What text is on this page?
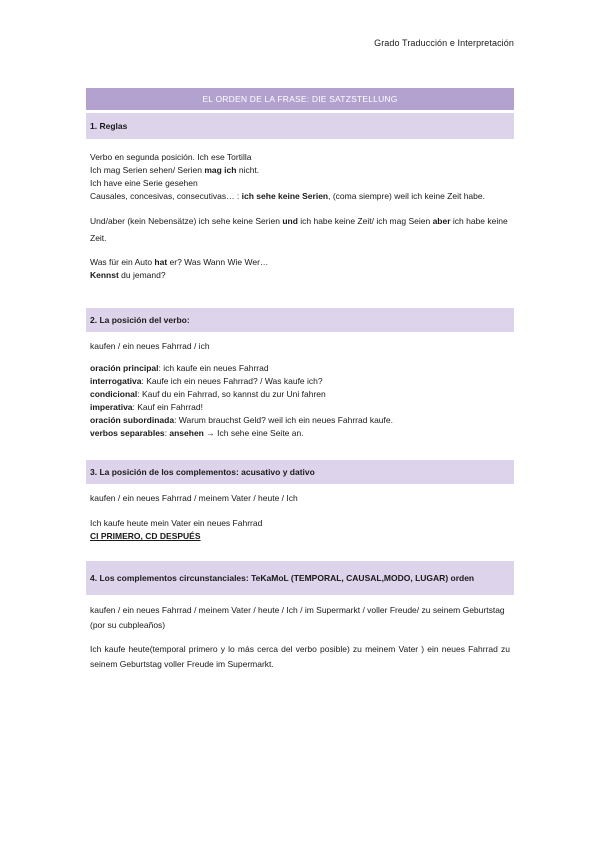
Grado Traducción e Interpretación
EL ORDEN DE LA FRASE: DIE SATZSTELLUNG
1. Reglas

Verbo en segunda posición. Ich ese Tortilla

Ich mag Serien sehen/ Serien mag ich nicht.

Ich have eine Serie gesehen

Causales, concesivas, consecutivas… : ich sehe keine Serien, (coma siempre) weil ich keine Zeit habe.

Und/aber (kein Nebensätze) ich sehe keine Serien und ich habe keine Zeit/ ich mag Seien aber ich habe keine Zeit.

Was für ein Auto hat er? Was Wann Wie Wer…

Kennst du jemand?

2. La posición del verbo:

kaufen / ein neues Fahrrad / ich

oración principal: ich kaufe ein neues Fahrrad

interrogativa: Kaufe ich ein neues Fahrrad? / Was kaufe ich?

condicional: Kauf du ein Fahrrad, so kannst du zur Uni fahren

imperativa: Kauf ein Fahrrad!

oración subordinada: Warum brauchst Geld? weil ich ein neues Fahrrad kaufe.

verbos separables: ansehen → Ich sehe eine Seite an.

3. La posición de los complementos: acusativo y dativo

kaufen / ein neues Fahrrad / meinem Vater / heute / Ich

Ich kaufe heute mein Vater ein neues Fahrrad

CI PRIMERO, CD DESPUÉS

4. Los complementos circunstanciales: TeKaMoL (TEMPORAL, CAUSAL,MODO, LUGAR) orden

kaufen / ein neues Fahrrad / meinem Vater / heute / Ich / im Supermarkt / voller Freude/ zu seinem Geburtstag (por su cubpleaños)

Ich kaufe heute(temporal primero y lo más cerca del verbo posible) zu meinem Vater ) ein neues Fahrrad zu seinem Geburtstag voller Freude im Supermarkt.
